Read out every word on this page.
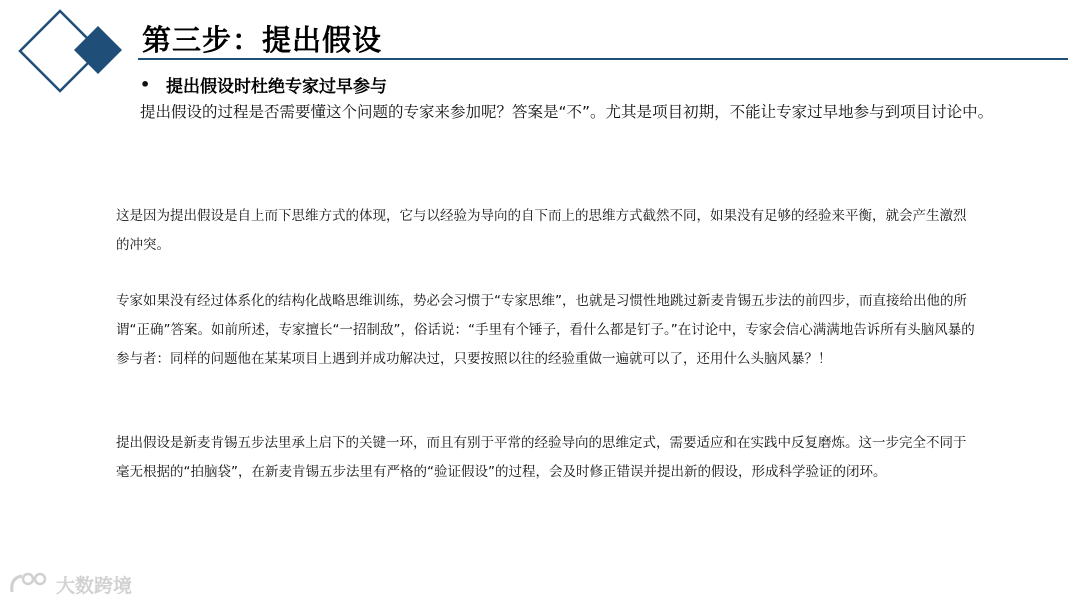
第三步：提出假设
• 提出假设时杜绝专家过早参与
提出假设的过程是否需要懂这个问题的专家来参加呢？答案是“不”。尤其是项目初期，不能让专家过早地参与到项目讨论中。
这是因为提出假设是自上而下思维方式的体现，它与以经验为导向的自下而上的思维方式截然不同，如果没有足够的经验来平衡，就会产生激烈的冲突。
专家如果没有经过体系化的结构化战略思维训练，势必会习惯于“专家思维”，也就是习惯性地跳过新麦肯锡五步法的前四步，而直接给出他的所谓“正确”答案。如前所述，专家擅长“一招制敌”，俗话说：“手里有个锤子，看什么都是钉子。”在讨论中，专家会信心满满地告诉所有头脑风暴的参与者：同样的问题他在某某项目上遇到并成功解决过，只要按照以往的经验重做一遍就可以了，还用什么头脑风暴？！
提出假设是新麦肯锡五步法里承上启下的关键一环，而且有别于平常的经验导向的思维定式，需要适应和在实践中反复磨炼。这一步完全不同于毫无根据的“拍脑袋”，在新麦肯锡五步法里有严格的“验证假设”的过程，会及时修正错误并提出新的假设，形成科学验证的闭环。
大数跨境
